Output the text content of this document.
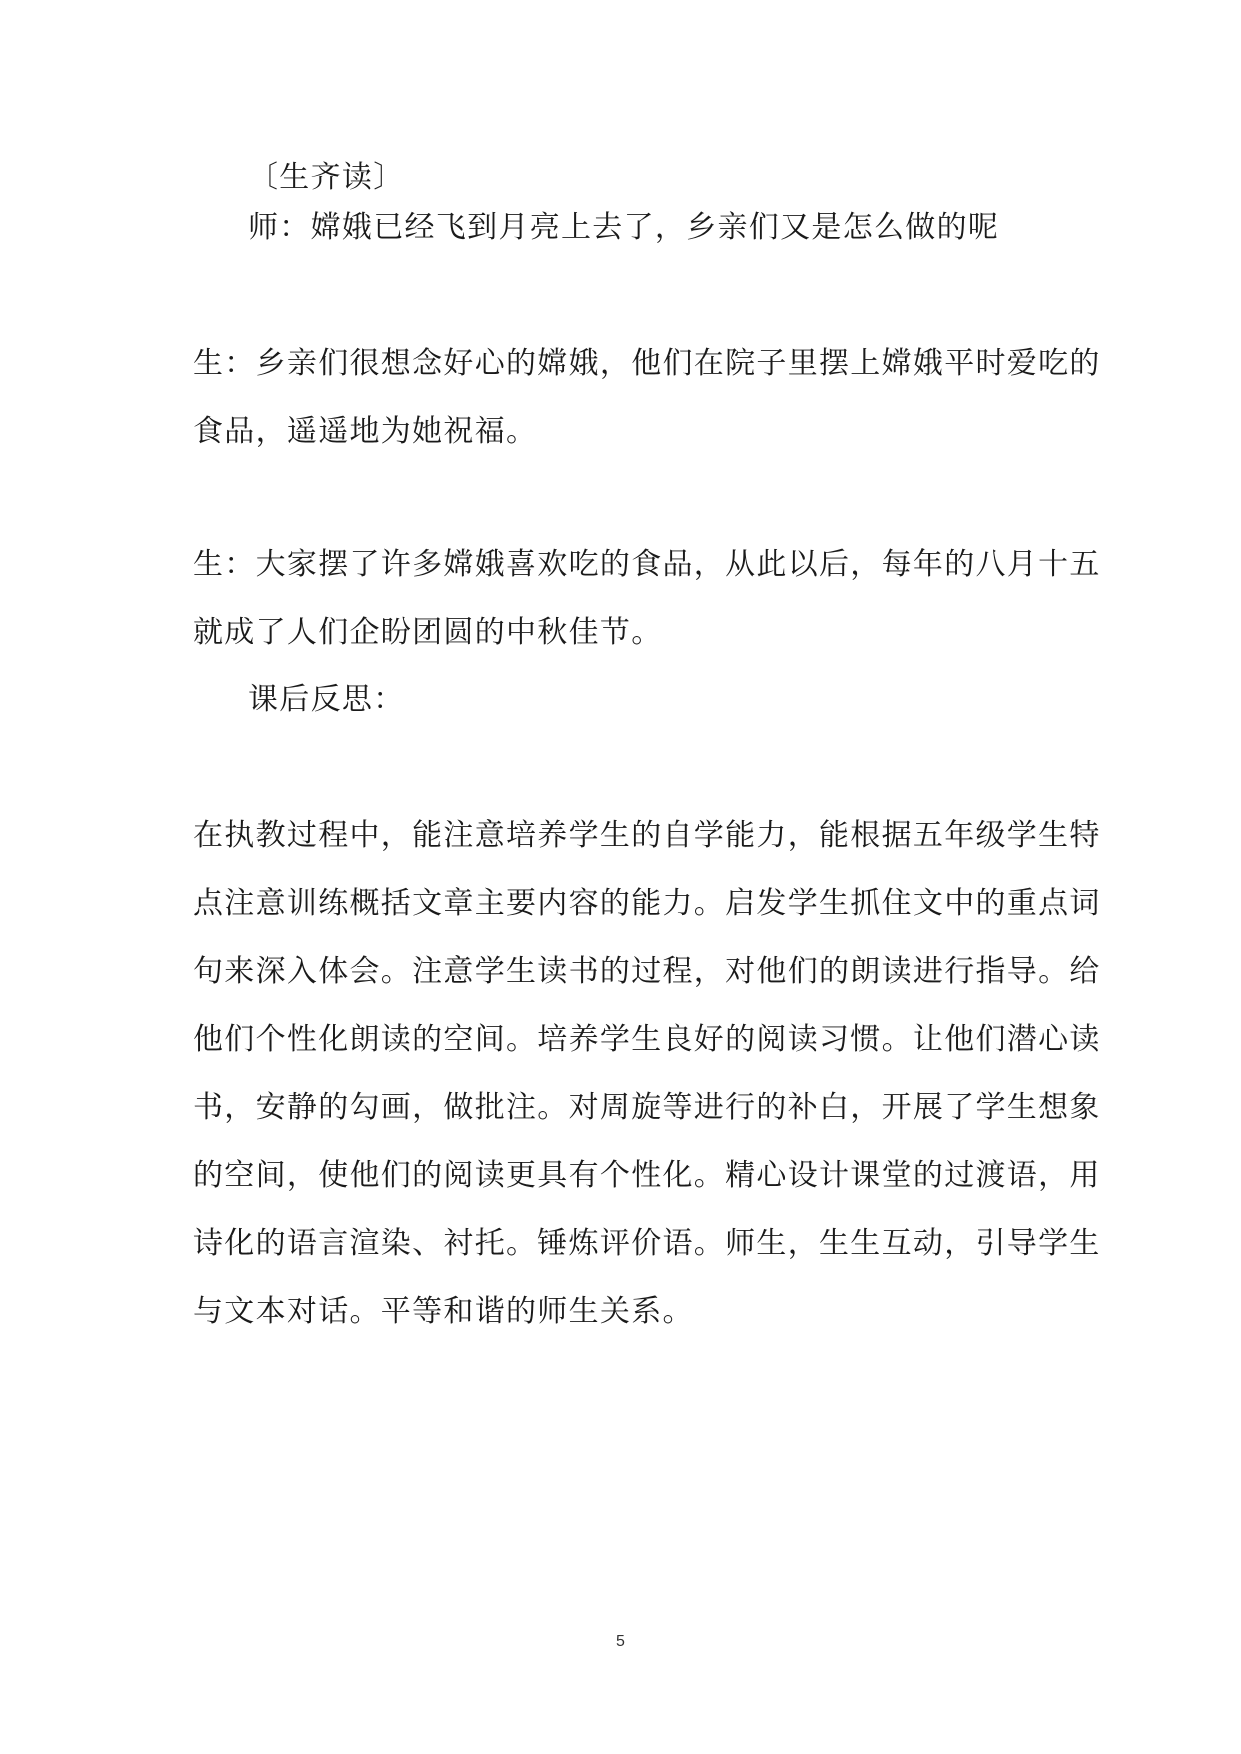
〔生齐读〕
师：嫦娥已经飞到月亮上去了，乡亲们又是怎么做的呢
生：乡亲们很想念好心的嫦娥，他们在院子里摆上嫦娥平时爱吃的
食品，遥遥地为她祝福。
生：大家摆了许多嫦娥喜欢吃的食品，从此以后，每年的八月十五
就成了人们企盼团圆的中秋佳节。
课后反思：
在执教过程中，能注意培养学生的自学能力，能根据五年级学生特
点注意训练概括文章主要内容的能力。启发学生抓住文中的重点词
句来深入体会。注意学生读书的过程，对他们的朗读进行指导。给
他们个性化朗读的空间。培养学生良好的阅读习惯。让他们潜心读
书，安静的勾画，做批注。对周旋等进行的补白，开展了学生想象
的空间，使他们的阅读更具有个性化。精心设计课堂的过渡语，用
诗化的语言渲染、衬托。锤炼评价语。师生，生生互动，引导学生
与文本对话。平等和谐的师生关系。
5
